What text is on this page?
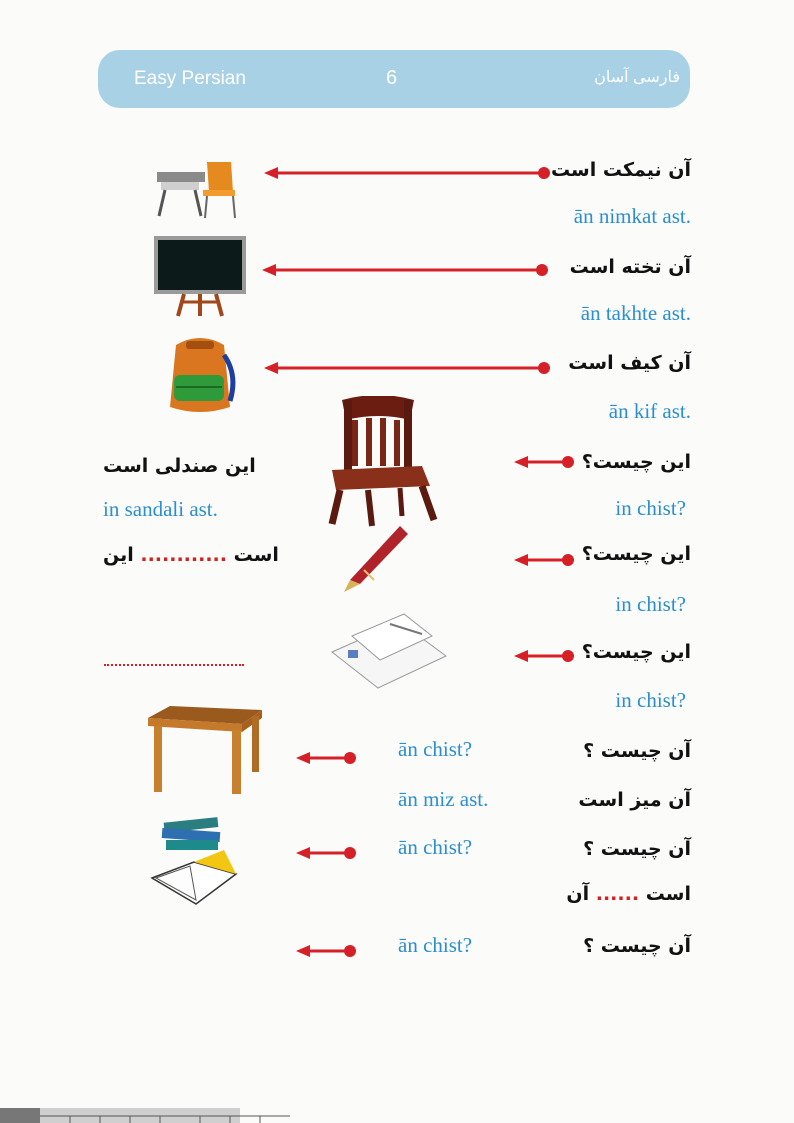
Easy Persian	6	فارسی آسان
آن نیمکت است
ān nimkat ast.
آن تخته است
ān takhte ast.
آن کیف است
ān kif ast.
این صندلی است
in sandali ast.
این چیست؟
in chist?
است ............ این	این چیست؟
in chist?
این چیست؟
in chist?
ān chist?	آن چیست ؟
ān miz ast.	آن میز است
ān chist?	آن چیست ؟
است ...... آن
ān chist?	آن چیست ؟
